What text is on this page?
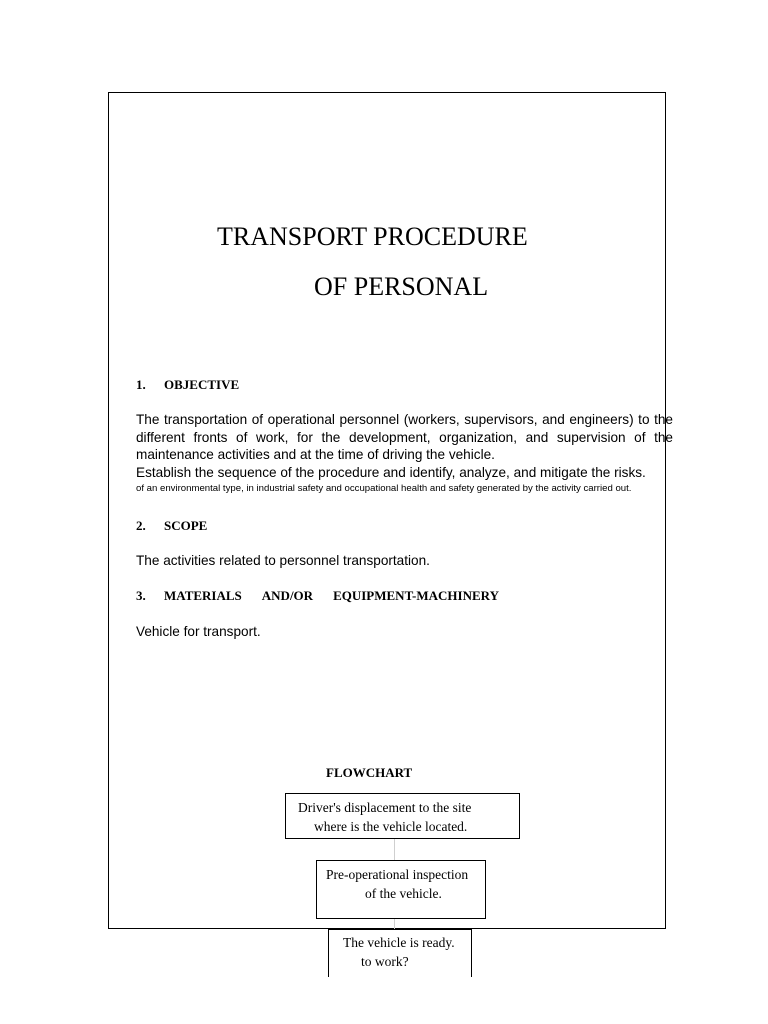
TRANSPORT PROCEDURE
OF PERSONAL
1.	OBJECTIVE
The transportation of operational personnel (workers, supervisors, and engineers) to the
different fronts of work, for the development, organization, and supervision of the
maintenance activities and at the time of driving the vehicle.
Establish the sequence of the procedure and identify, analyze, and mitigate the risks.
of an environmental type, in industrial safety and occupational health and safety generated by the activity carried out.
2.	SCOPE
The activities related to personnel transportation.
3.	MATERIALS AND/OR EQUIPMENT-MACHINERY
Vehicle for transport.
FLOWCHART
Driver's displacement to the site
where is the vehicle located.
Pre-operational inspection
of the vehicle.
The vehicle is ready.
to work?
